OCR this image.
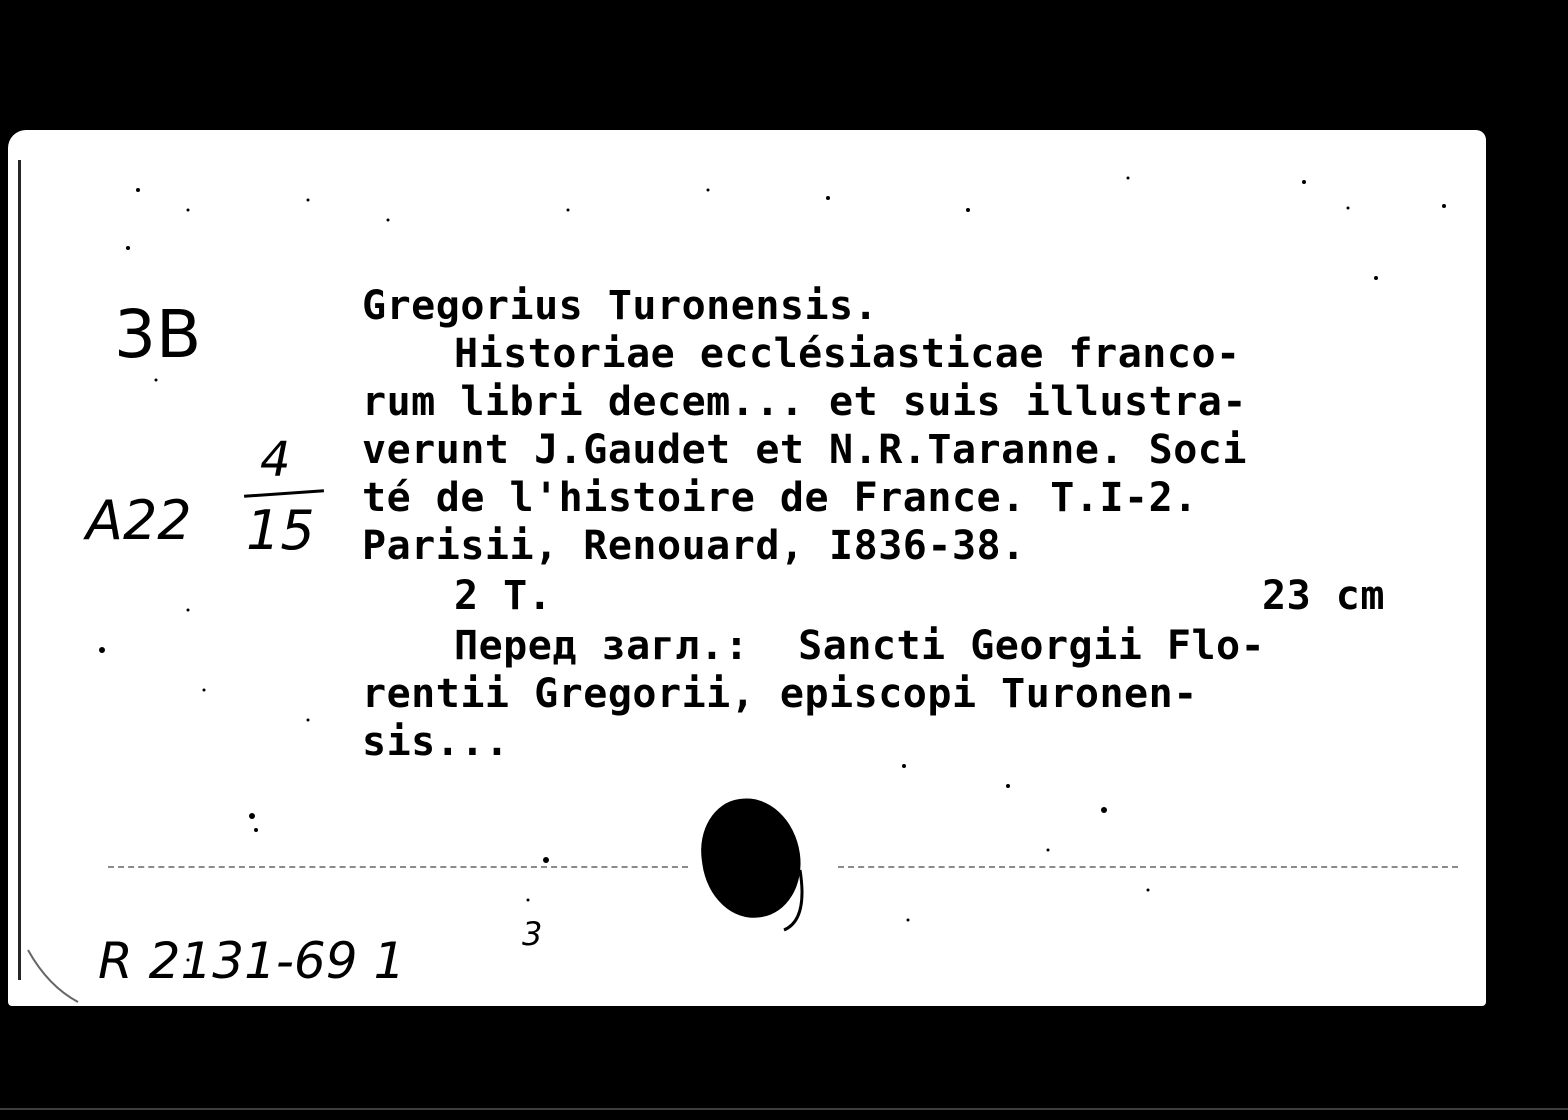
3B

4

A22 15

R 2131-69 1	3

Gregorius Turonensis.

Historiae ecclésiasticae franco-

rum libri decem... et suis illustra-

verunt J.Gaudet et N.R.Taranne. Soci

té de l'histoire de France. T.I-2.

Parisii, Renouard, I836-38.

2 T.	23 cm

Перед загл.:  Sancti Georgii Flo-

rentii Gregorii, episcopi Turonen-

sis...
